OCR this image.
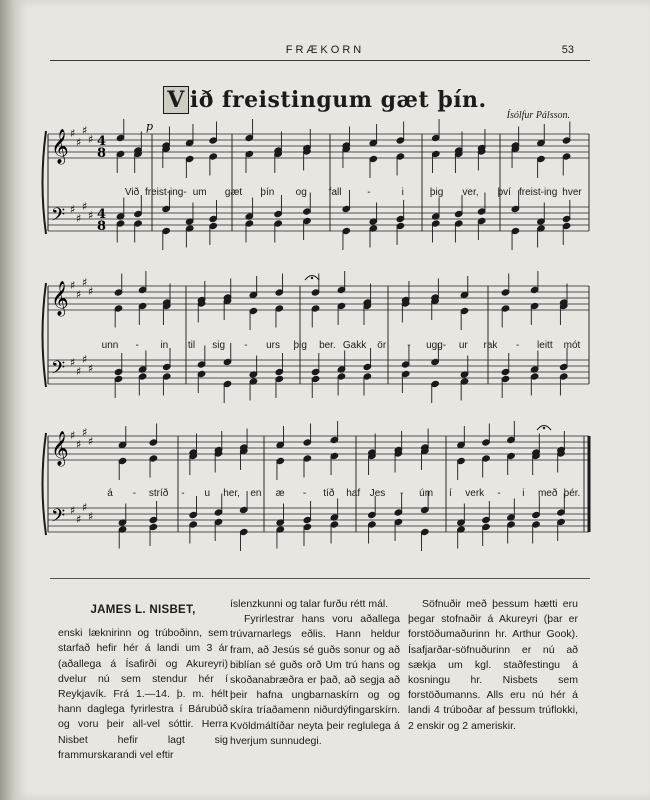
FRÆKORN	53
V ið freistingum gæt þín.
Ísólfur Pálsson.
𝄞
𝄢
♯
♯
♯
♯
♯
♯
♯
♯
4
8
4
8
p
𝄞
𝄢
♯
♯
♯
♯
♯
♯
♯
♯
𝄞
𝄢
♯
♯
♯
♯
♯
♯
♯
♯
Við freist-ing- um gæt þín og fall	-	i	þig ver, því freist-ing hver
unn - in til sig - urs þig ber. Gakk ör - ugg- ur rak - leitt mót
á - stríð - u her, en æ - tíð haf Jes - úm í verk - i með þér.
JAMES L. NISBET,

enski læknirinn og trúboðinn, sem starfað hefir hér á landi um 3 ár (aðallega á Ísafirði og Akureyri) dvelur nú sem stendur hér í Reykjavík. Frá 1.—14. þ. m. hélt hann daglega fyrirlestra í Bárubúð og voru þeir all-vel sóttir. Herra Nisbet hefir lagt sig frammurskarandi vel eftir

íslenzkunni og talar furðu rétt mál.

Fyrirlestrar hans voru aðallega trúvarnarlegs eðlis. Hann heldur fram, að Jesús sé guðs sonur og að biblían sé guðs orð Um trú hans og skoðanabræðra er það, að segja að þeir hafna ungbarnaskírn og og skíra tríaðamenn niðurdýfingarskírn. Kvöldmáltíðar neyta þeir reglulega á hverjum sunnudegi.

Söfnuðir með þessum hætti eru þegar stofnaðir á Akureyri (þar er forstöðumaðurinn hr. Arthur Gook). Ísafjarðar-söfnuðurinn er nú að sækja um kgl. staðfestingu á kosningu hr. Nisbets sem forstöðumanns. Alls eru nú hér á landi 4 trúboðar af þessum trúflokki, 2 enskir og 2 ameriskir.
